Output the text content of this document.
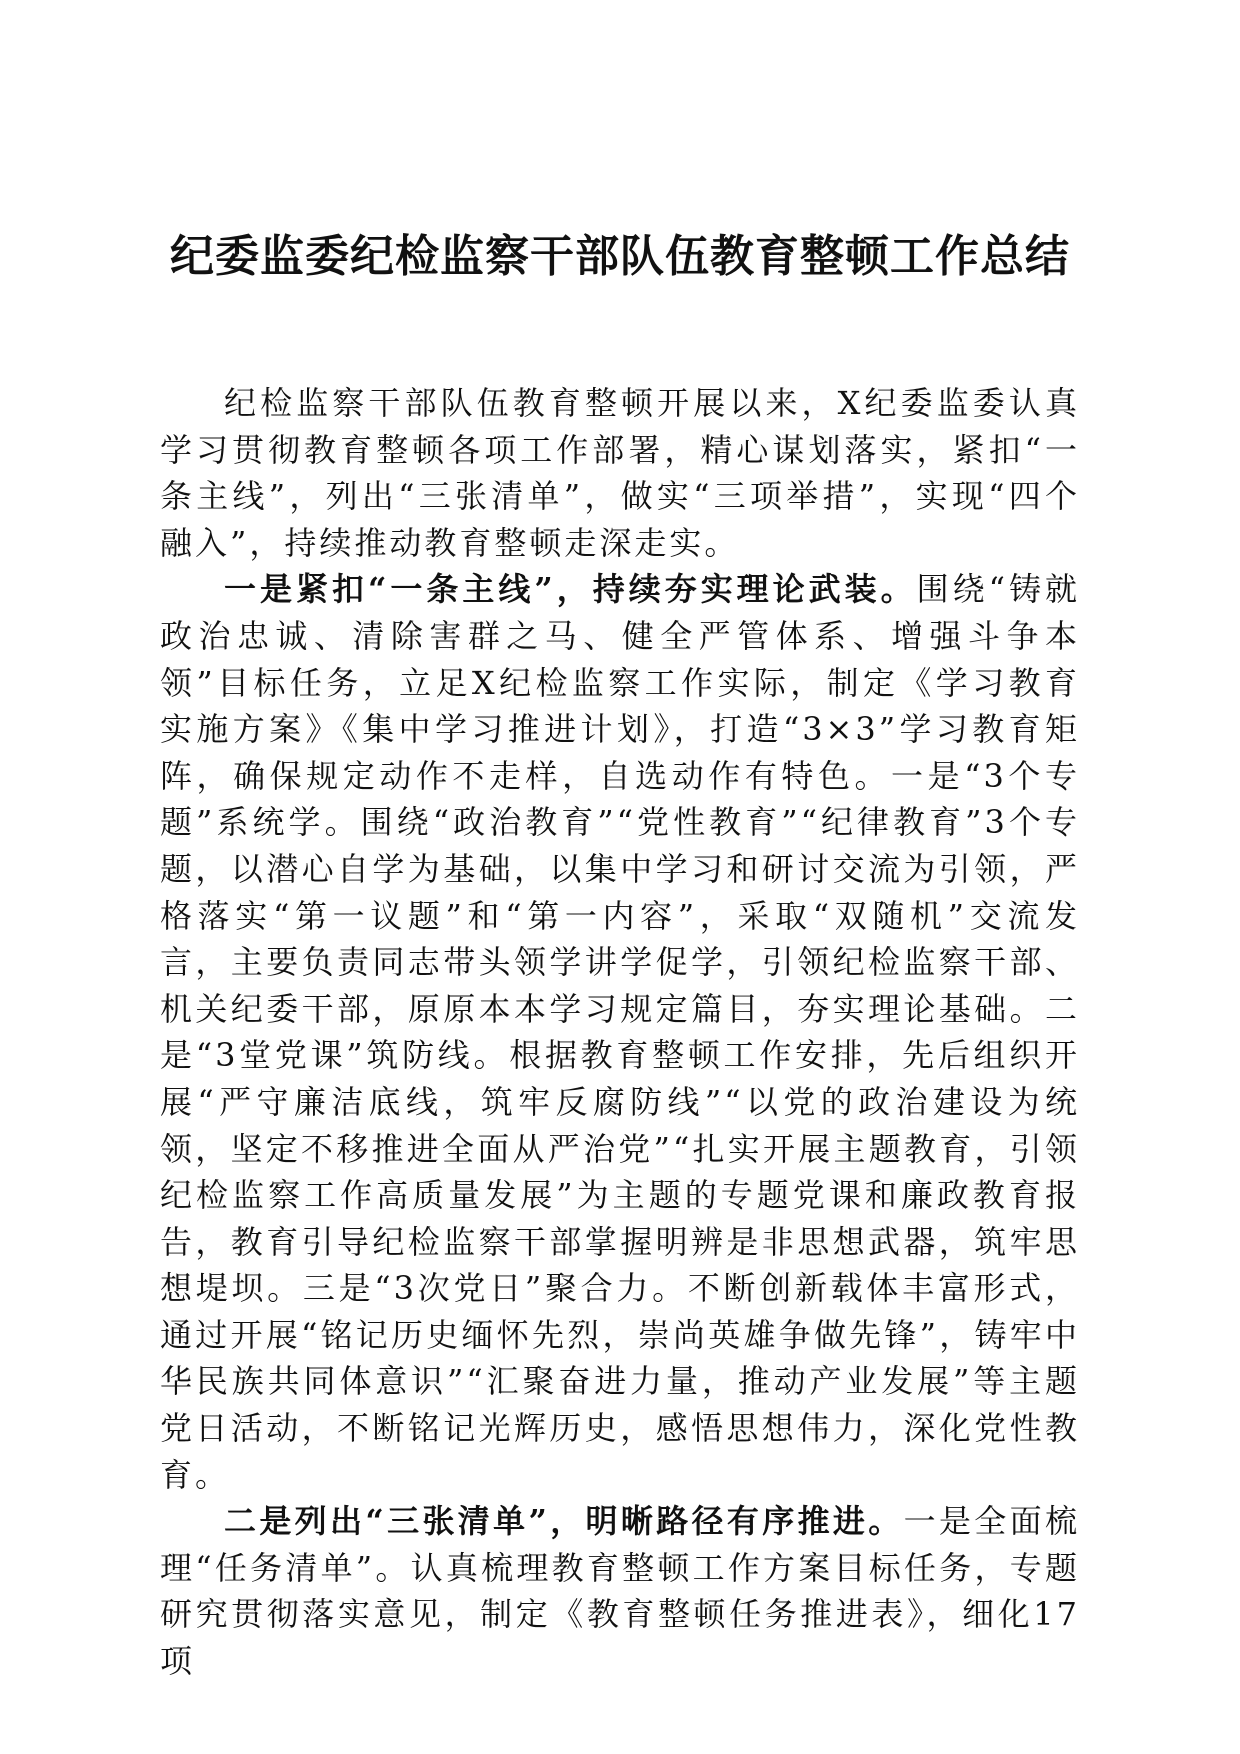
纪委监委纪检监察干部队伍教育整顿工作总结

纪检监察干部队伍教育整顿开展以来，X纪委监委认真学习贯彻教育整顿各项工作部署，精心谋划落实，紧扣“一条主线”，列出“三张清单”，做实“三项举措”，实现“四个融入”，持续推动教育整顿走深走实。

一是紧扣“一条主线”，持续夯实理论武装。围绕“铸就政治忠诚、清除害群之马、健全严管体系、增强斗争本领”目标任务，立足X纪检监察工作实际，制定《学习教育实施方案》《集中学习推进计划》，打造“3×3”学习教育矩阵，确保规定动作不走样，自选动作有特色。一是“3个专题”系统学。围绕“政治教育”“党性教育”“纪律教育”3个专题，以潜心自学为基础，以集中学习和研讨交流为引领，严格落实“第一议题”和“第一内容”，采取“双随机”交流发言，主要负责同志带头领学讲学促学，引领纪检监察干部、机关纪委干部，原原本本学习规定篇目，夯实理论基础。二是“3堂党课”筑防线。根据教育整顿工作安排，先后组织开展“严守廉洁底线，筑牢反腐防线”“以党的政治建设为统领，坚定不移推进全面从严治党”“扎实开展主题教育，引领纪检监察工作高质量发展”为主题的专题党课和廉政教育报告，教育引导纪检监察干部掌握明辨是非思想武器，筑牢思想堤坝。三是“3次党日”聚合力。不断创新载体丰富形式，通过开展“铭记历史缅怀先烈，崇尚英雄争做先锋”，铸牢中华民族共同体意识”“汇聚奋进力量，推动产业发展”等主题党日活动，不断铭记光辉历史，感悟思想伟力，深化党性教育。

二是列出“三张清单”，明晰路径有序推进。一是全面梳理“任务清单”。认真梳理教育整顿工作方案目标任务，专题研究贯彻落实意见，制定《教育整顿任务推进表》，细化17项
